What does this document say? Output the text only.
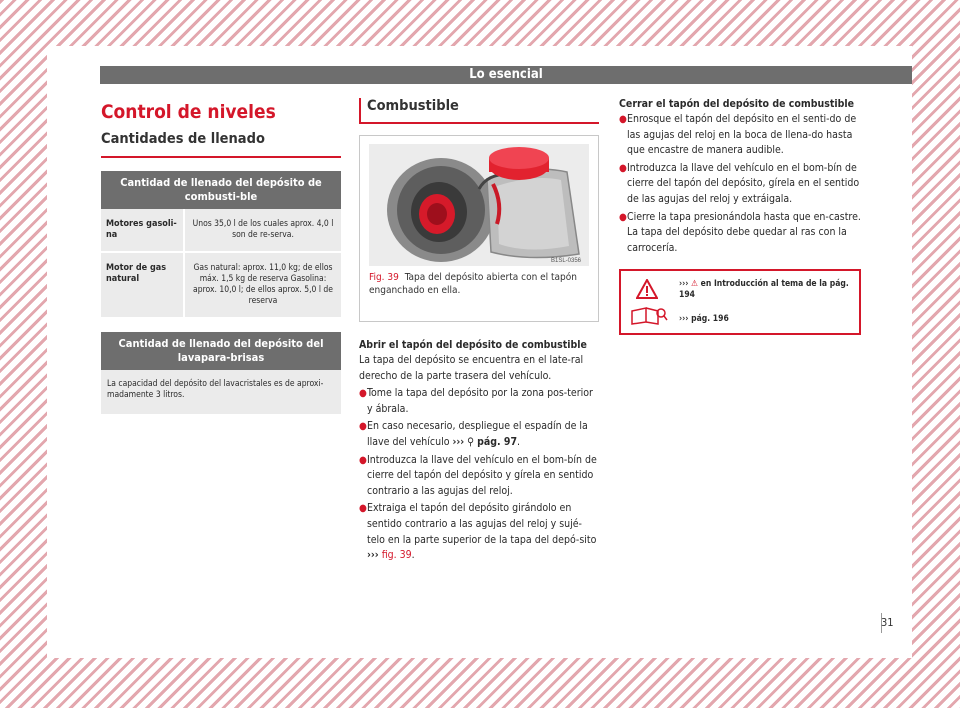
Lo esencial
Control de niveles
Cantidades de llenado
Cantidad de llenado del depósito de combusti-ble	
Motores gasoli-na	Unos 35,0 l de los cuales aprox. 4,0 l son de re-serva.
Motor de gas natural	Gas natural: aprox. 11,0 kg; de ellos máx. 1,5 kg de reserva Gasolina: aprox. 10,0 l; de ellos aprox. 5,0 l de reserva
Cantidad de llenado del depósito del lavapara-brisas
La capacidad del depósito del lavacristales es de aproxi-madamente 3 litros.
Combustible
B1SL-0356
Fig. 39 Tapa del depósito abierta con el tapón enganchado en ella.
Abrir el tapón del depósito de combustible
La tapa del depósito se encuentra en el late-ral derecho de la parte trasera del vehículo.
● Tome la tapa del depósito por la zona pos-terior y ábrala.
● En caso necesario, despliegue el espadín de la llave del vehículo ››› ⚲ pág. 97.
● Introduzca la llave del vehículo en el bom-bín de cierre del tapón del depósito y gírela en sentido contrario a las agujas del reloj.
● Extraiga el tapón del depósito girándolo en sentido contrario a las agujas del reloj y sujé-telo en la parte superior de la tapa del depó-sito ››› fig. 39.
Cerrar el tapón del depósito de combustible
● Enrosque el tapón del depósito en el senti-do de las agujas del reloj en la boca de llena-do hasta que encastre de manera audible.
● Introduzca la llave del vehículo en el bom-bín de cierre del tapón del depósito, gírela en el sentido de las agujas del reloj y extráigala.
● Cierre la tapa presionándola hasta que en-castre. La tapa del depósito debe quedar al ras con la carrocería.
››› ⚠ en Introducción al tema de la pág. 194
››› pág. 196
31
